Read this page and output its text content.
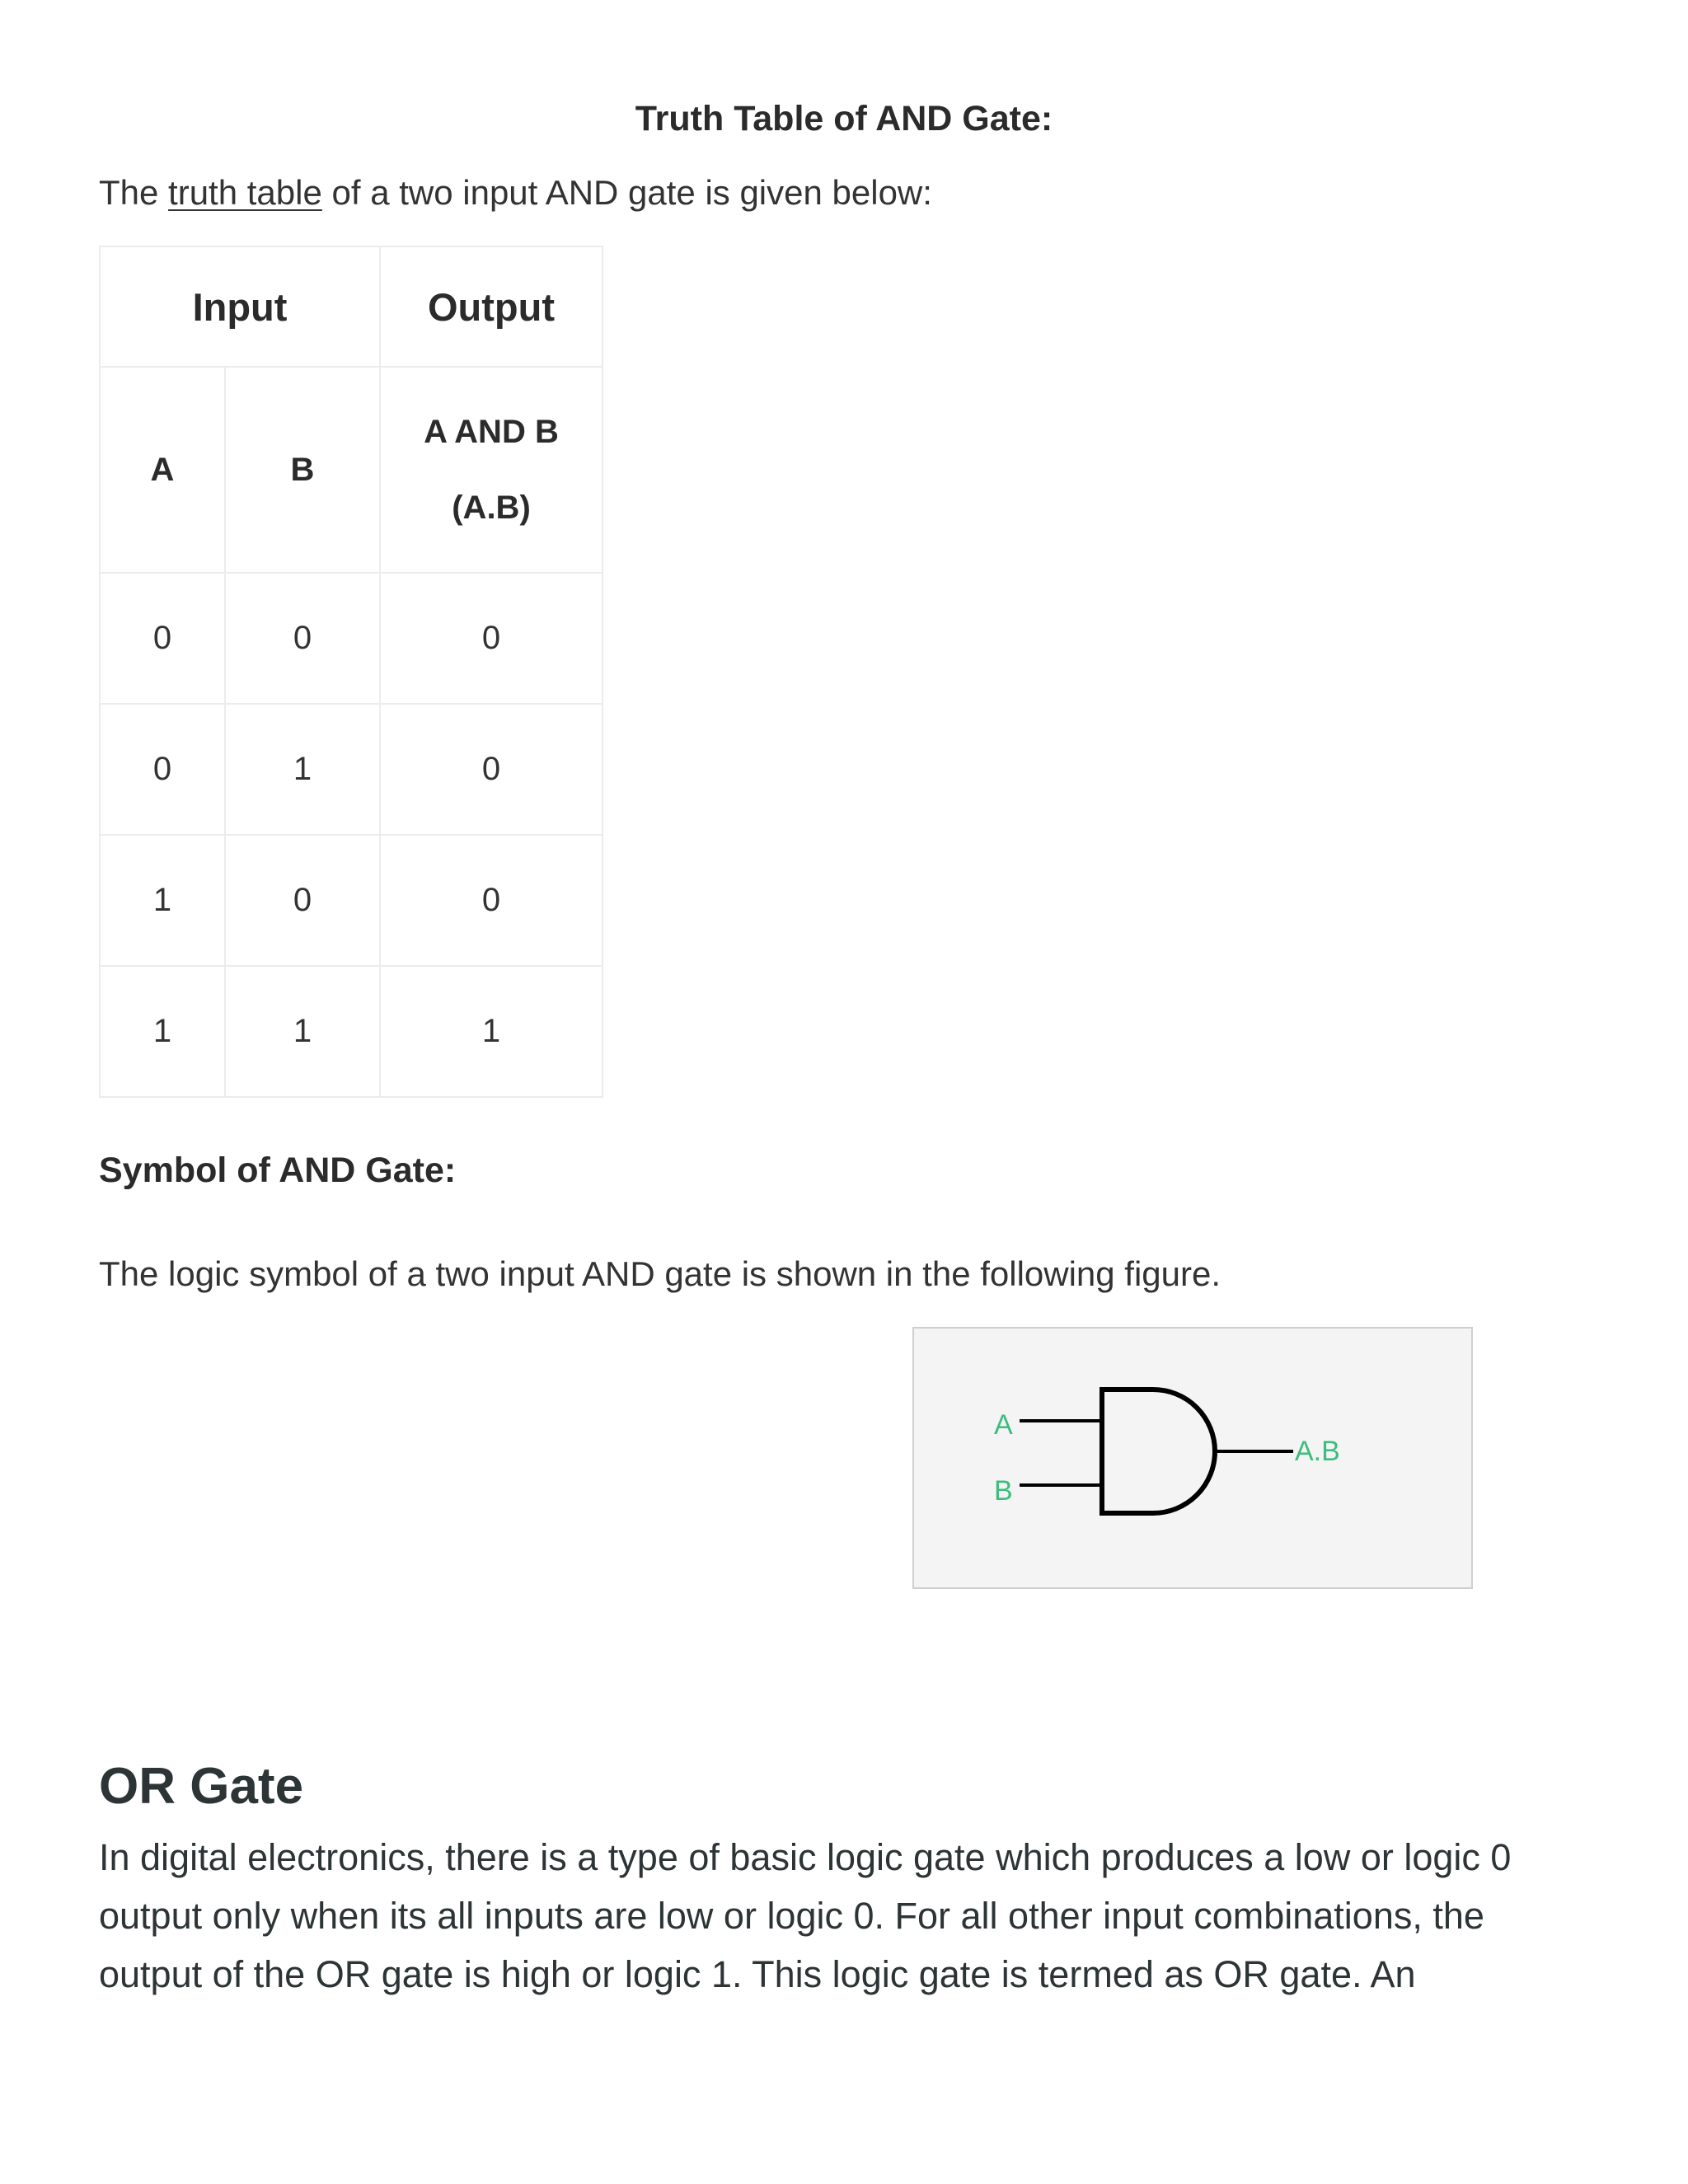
Truth Table of AND Gate:

The truth table of a two input AND gate is given below:

Input		Output
A	B	A AND B
(A.B)

0	0	0
0	1	0
1	0	0
1	1	1
Symbol of AND Gate:

The logic symbol of a two input AND gate is shown in the following figure.

A
B
A.B
OR Gate

In digital electronics, there is a type of basic logic gate which produces a low or logic 0 output only when its all inputs are low or logic 0. For all other input combinations, the output of the OR gate is high or logic 1. This logic gate is termed as OR gate. An
